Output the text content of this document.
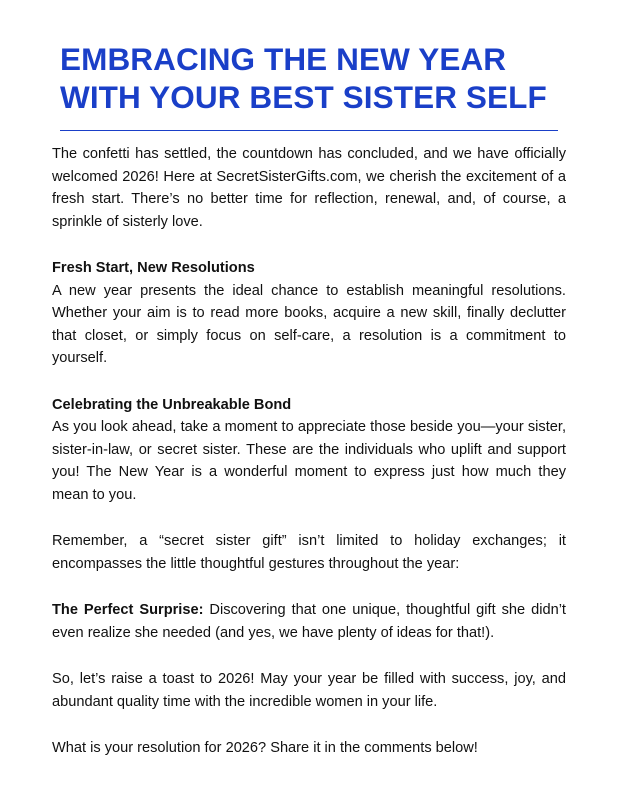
EMBRACING THE NEW YEAR
WITH YOUR BEST SISTER SELF

The confetti has settled, the countdown has concluded, and we have officially welcomed 2026! Here at SecretSisterGifts.com, we cherish the excitement of a fresh start. There’s no better time for reflection, renewal, and, of course, a sprinkle of sisterly love.

Fresh Start, New Resolutions

A new year presents the ideal chance to establish meaningful resolutions. Whether your aim is to read more books, acquire a new skill, finally declutter that closet, or simply focus on self-care, a resolution is a commitment to yourself.

Celebrating the Unbreakable Bond

As you look ahead, take a moment to appreciate those beside you—your sister, sister-in-law, or secret sister. These are the individuals who uplift and support you! The New Year is a wonderful moment to express just how much they mean to you.

Remember, a “secret sister gift” isn’t limited to holiday exchanges; it encompasses the little thoughtful gestures throughout the year:

The Perfect Surprise: Discovering that one unique, thoughtful gift she didn’t even realize she needed (and yes, we have plenty of ideas for that!).

So, let’s raise a toast to 2026! May your year be filled with success, joy, and abundant quality time with the incredible women in your life.

What is your resolution for 2026? Share it in the comments below!
